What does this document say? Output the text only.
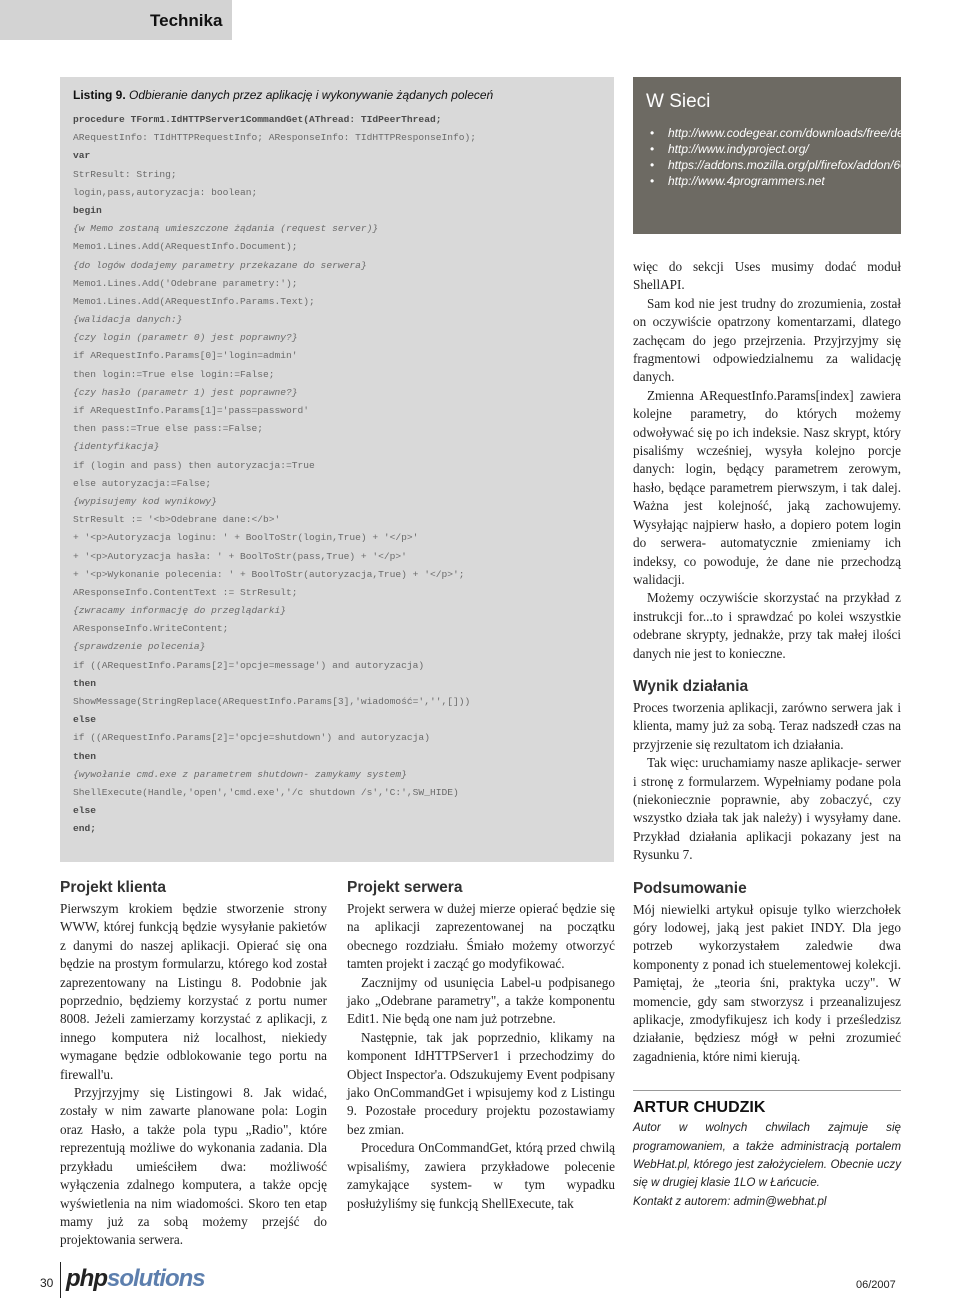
Technika
Listing 9. Odbieranie danych przez aplikację i wykonywanie żądanych poleceń
procedure TForm1.IdHTTPServer1CommandGet(AThread: TIdPeerThread;
ARequestInfo: TIdHTTPRequestInfo; AResponseInfo: TIdHTTPResponseInfo);
var
StrResult: String;
login,pass,autoryzacja: boolean;
begin
{w Memo zostaną umieszczone żądania (request server)}
Memo1.Lines.Add(ARequestInfo.Document);
{do logów dodajemy parametry przekazane do serwera}
Memo1.Lines.Add('Odebrane parametry:');
Memo1.Lines.Add(ARequestInfo.Params.Text);
{walidacja danych:}
{czy login (parametr 0) jest poprawny?}
if ARequestInfo.Params[0]='login=admin'
then login:=True else login:=False;
{czy hasło (parametr 1) jest poprawne?}
if ARequestInfo.Params[1]='pass=password'
then pass:=True else pass:=False;
{identyfikacja}
if (login and pass) then autoryzacja:=True
else autoryzacja:=False;
{wypisujemy kod wynikowy}
StrResult := '<b>Odebrane dane:</b>'
+ '<p>Autoryzacja loginu: ' + BoolToStr(login,True) + '</p>'
+ '<p>Autoryzacja hasła: ' + BoolToStr(pass,True) + '</p>'
+ '<p>Wykonanie polecenia: ' + BoolToStr(autoryzacja,True) + '</p>';
AResponseInfo.ContentText := StrResult;
{zwracamy informację do przeglądarki}
AResponseInfo.WriteContent;
{sprawdzenie polecenia}
if ((ARequestInfo.Params[2]='opcje=message') and autoryzacja)
then
ShowMessage(StringReplace(ARequestInfo.Params[3],'wiadomość=','',[]))
else
if ((ARequestInfo.Params[2]='opcje=shutdown') and autoryzacja)
then
{wywołanie cmd.exe z parametrem shutdown- zamykamy system}
ShellExecute(Handle,'open','cmd.exe','/c shutdown /s','C:',SW_HIDE)
else
end;
W Sieci
• http://www.codegear.com/downloads/free/delphi
• http://www.indyproject.org/
• https://addons.mozilla.org/pl/firefox/addon/60
• http://www.4programmers.net
Projekt klienta

Pierwszym krokiem będzie stworzenie strony WWW, której funkcją będzie wysyłanie pakietów z danymi do naszej aplikacji. Opierać się ona będzie na prostym formularzu, którego kod został zaprezentowany na Listingu 8. Podobnie jak poprzednio, będziemy korzystać z portu numer 8008. Jeżeli zamierzamy korzystać z aplikacji, z innego komputera niż localhost, niekiedy wymagane będzie odblokowanie tego portu na firewall'u.

Przyjrzyjmy się Listingowi 8. Jak widać, zostały w nim zawarte planowane pola: Login oraz Hasło, a także pola typu „Radio", które reprezentują możliwe do wykonania zadania. Dla przykładu umieściłem dwa: możliwość wyłączenia zdalnego komputera, a także opcję wyświetlenia na nim wiadomości. Skoro ten etap mamy już za sobą możemy przejść do projektowania serwera.

Projekt serwera

Projekt serwera w dużej mierze opierać będzie się na aplikacji zaprezentowanej na początku obecnego rozdziału. Śmiało możemy otworzyć tamten projekt i zacząć go modyfikować.

Zacznijmy od usunięcia Label-u podpisanego jako „Odebrane parametry", a także komponentu Edit1. Nie będą one nam już potrzebne.

Następnie, tak jak poprzednio, klikamy na komponent IdHTTPServer1 i przechodzimy do Object Inspector'a. Odszukujemy Event podpisany jako OnCommandGet i wpisujemy kod z Listingu 9. Pozostałe procedury projektu pozostawiamy bez zmian.

Procedura OnCommandGet, którą przed chwilą wpisaliśmy, zawiera przykładowe polecenie zamykające system- w tym wypadku posłużyliśmy się funkcją ShellExecute, tak

więc do sekcji Uses musimy dodać moduł ShellAPI.

Sam kod nie jest trudny do zrozumienia, został on oczywiście opatrzony komentarzami, dlatego zachęcam do jego przejrzenia. Przyjrzyjmy się fragmentowi odpowiedzialnemu za walidację danych.

Zmienna ARequestInfo.Params[index] zawiera kolejne parametry, do których możemy odwoływać się po ich indeksie. Nasz skrypt, który pisaliśmy wcześniej, wysyła kolejno porcje danych: login, będący parametrem zerowym, hasło, będące parametrem pierwszym, i tak dalej. Ważna jest kolejność, jaką zachowujemy. Wysyłając najpierw hasło, a dopiero potem login do serwera- automatycznie zmieniamy ich indeksy, co powoduje, że dane nie przechodzą walidacji.

Możemy oczywiście skorzystać na przykład z instrukcji for...to i sprawdzać po kolei wszystkie odebrane skrypty, jednakże, przy tak małej ilości danych nie jest to konieczne.

Wynik działania

Proces tworzenia aplikacji, zarówno serwera jak i klienta, mamy już za sobą. Teraz nadszedł czas na przyjrzenie się rezultatom ich działania.

Tak więc: uruchamiamy nasze aplikacje- serwer i stronę z formularzem. Wypełniamy podane pola (niekoniecznie poprawnie, aby zobaczyć, czy wszystko działa tak jak należy) i wysyłamy dane. Przykład działania aplikacji pokazany jest na Rysunku 7.

Podsumowanie

Mój niewielki artykuł opisuje tylko wierzchołek góry lodowej, jaką jest pakiet INDY. Dla jego potrzeb wykorzystałem zaledwie dwa komponenty z ponad ich stuelementowej kolekcji. Pamiętaj, że „teoria śni, praktyka uczy". W momencie, gdy sam stworzysz i przeanalizujesz aplikacje, zmodyfikujesz ich kody i prześledzisz działanie, będziesz mógł w pełni zrozumieć zagadnienia, które nimi kierują.

ARTUR CHUDZIK
Autor w wolnych chwilach zajmuje się programowaniem, a także administracją portalem WebHat.pl, którego jest założycielem. Obecnie uczy się w drugiej klasie 1LO w Łańcucie.
Kontakt z autorem: admin@webhat.pl
30 phpsolutions	06/2007
